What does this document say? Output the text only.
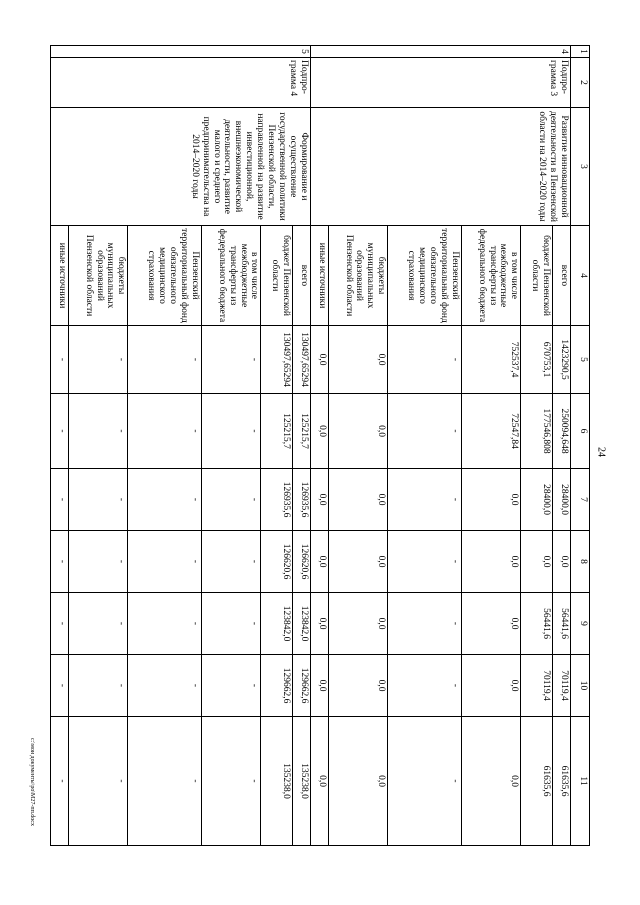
24
c:\мои документы\ро\М27-пп.docx
1	2	3	4	5	6	7	8	9	10	11
4	Подпро-
грамма 3	Развитие инновационной деятельности в Пензенской области на 2014–2020 годы	всего	1423290,5	250094,648	28400,0	0,0	56441,6	70119,4	61635,6
			бюджет Пензенской области	670753,1	177546,808	28400,0	0,0	56441,6	70119,4	61635,6
			в том числе межбюджетные трансферты из федерального бюджета	752537,4	72547,84	0,0	0,0	0,0	0,0	0,0
			Пензенский территориальный фонд обязательного медицинского страхования	-	-	-	-	-	-	-
			бюджеты муниципальных образований Пензенской области	0,0	0,0	0,0	0,0	0,0	0,0	0,0
			иные источники	0,0	0,0	0,0	0,0	0,0	0,0	0,0
5	Подпро-
грамма 4	Формирование и осуществление государственной политики Пензенской области, направленной на развитие инвестиционной, внешнеэкономической деятельности, развитие малого и среднего предпринимательства на 2014–2020 годы	всего	130497,65294	125215,7	126935,6	126620,6	123842,0	129662,6	135238,0
			бюджет Пензенской области	130497,65294	125215,7	126935,6	126620,6	123842,0	129662,6	135238,0
			в том числе межбюджетные трансферты из федерального бюджета	-	-	-	-	-	-	-
			Пензенский территориальный фонд обязательного медицинского страхования	-	-	-	-	-	-	-
			бюджеты муниципальных образований Пензенской области	-	-	-	-	-	-	-
			иные источники	-	-	-	-	-	-	-
